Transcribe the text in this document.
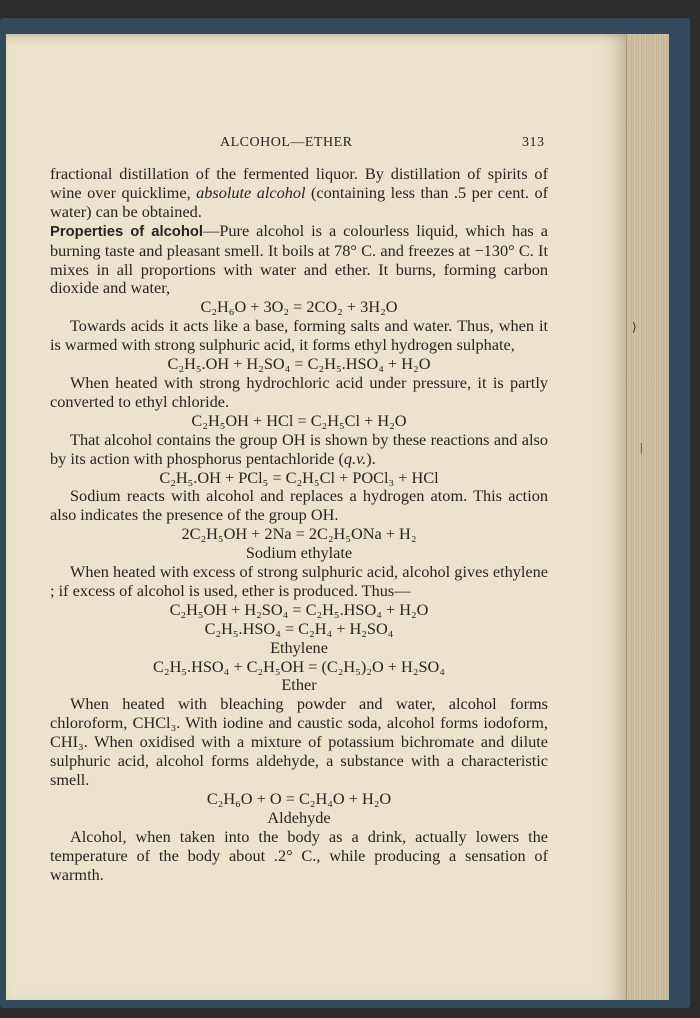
ALCOHOL—ETHER	313

fractional distillation of the fermented liquor. By distillation of spirits of wine over quicklime, absolute alcohol (containing less than .5 per cent. of water) can be obtained.

Properties of alcohol—Pure alcohol is a colourless liquid, which has a burning taste and pleasant smell. It boils at 78° C. and freezes at −130° C. It mixes in all proportions with water and ether. It burns, forming carbon dioxide and water,

C₂H₆O + 3O₂ = 2CO₂ + 3H₂O

Towards acids it acts like a base, forming salts and water. Thus, when it is warmed with strong sulphuric acid, it forms ethyl hydrogen sulphate,

C₂H₅.OH + H₂SO₄ = C₂H₅.HSO₄ + H₂O

When heated with strong hydrochloric acid under pressure, it is partly converted to ethyl chloride.

C₂H₅OH + HCl = C₂H₅Cl + H₂O

That alcohol contains the group OH is shown by these reactions and also by its action with phosphorus pentachloride (q.v.).

C₂H₅.OH + PCl₅ = C₂H₅Cl + POCl₃ + HCl

Sodium reacts with alcohol and replaces a hydrogen atom. This action also indicates the presence of the group OH.

2C₂H₅OH + 2Na = 2C₂H₅ONa + H₂
Sodium ethylate

When heated with excess of strong sulphuric acid, alcohol gives ethylene ; if excess of alcohol is used, ether is produced. Thus—

C₂H₅OH + H₂SO₄ = C₂H₅.HSO₄ + H₂O
C₂H₅.HSO₄ = C₂H₄ + H₂SO₄
Ethylene
C₂H₅.HSO₄ + C₂H₅OH = (C₂H₅)₂O + H₂SO₄
Ether

When heated with bleaching powder and water, alcohol forms chloroform, CHCl₃. With iodine and caustic soda, alcohol forms iodoform, CHI₃. When oxidised with a mixture of potassium bichromate and dilute sulphuric acid, alcohol forms aldehyde, a substance with a characteristic smell.

C₂H₆O + O = C₂H₄O + H₂O
Aldehyde

Alcohol, when taken into the body as a drink, actually lowers the temperature of the body about .2° C., while producing a sensation of warmth.

⟩
|
